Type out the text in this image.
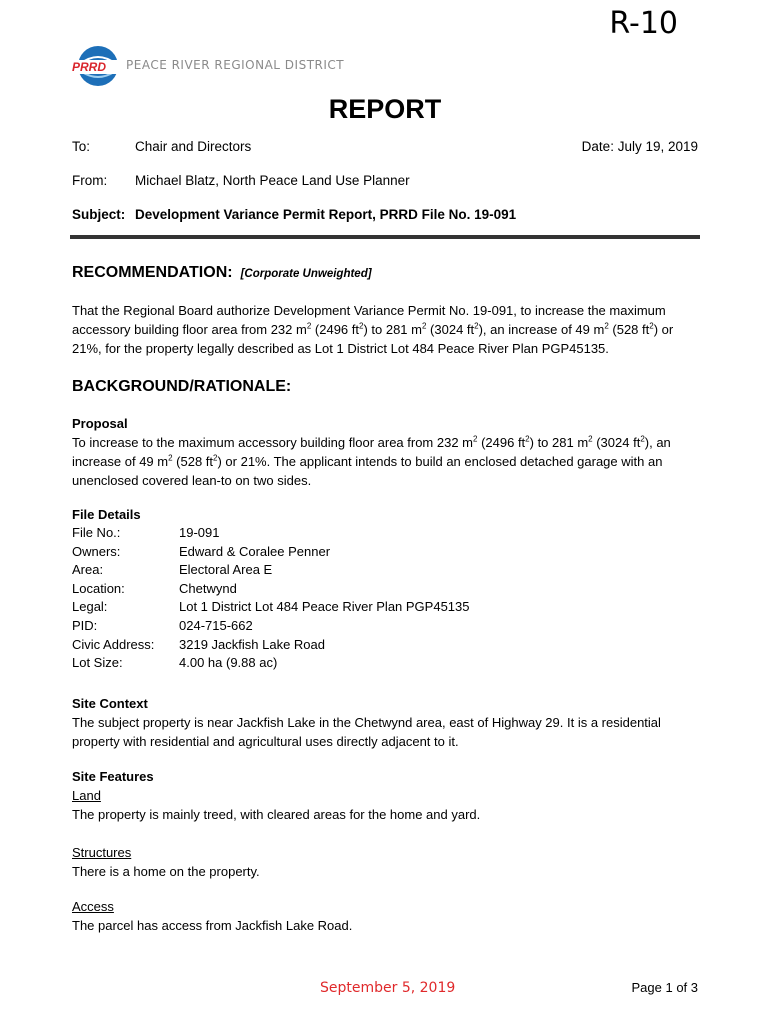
R-10
PRRD PEACE RIVER REGIONAL DISTRICT
REPORT
To:	Chair and Directors	Date: July 19, 2019
From: Michael Blatz, North Peace Land Use Planner
Subject: Development Variance Permit Report, PRRD File No. 19-091
RECOMMENDATION: [Corporate Unweighted]
That the Regional Board authorize Development Variance Permit No. 19-091, to increase the maximum accessory building floor area from 232 $m^2$ (2496 $ft^2$) to 281 $m^2$ (3024 $ft^2$), an increase of 49 $m^2$ (528 $ft^2$) or 21%, for the property legally described as Lot 1 District Lot 484 Peace River Plan PGP45135.
BACKGROUND/RATIONALE:
Proposal
To increase to the maximum accessory building floor area from 232 $m^2$ (2496 $ft^2$) to 281 $m^2$ (3024 $ft^2$), an increase of 49 $m^2$ (528 $ft^2$) or 21%. The applicant intends to build an enclosed detached garage with an unenclosed covered lean-to on two sides.
File Details
File No.:	19-091
Owners:	Edward & Coralee Penner
Area:	Electoral Area E
Location:	Chetwynd
Legal:	Lot 1 District Lot 484 Peace River Plan PGP45135
PID:	024-715-662
Civic Address:	3219 Jackfish Lake Road
Lot Size:	4.00 ha (9.88 ac)
Site Context
The subject property is near Jackfish Lake in the Chetwynd area, east of Highway 29. It is a residential property with residential and agricultural uses directly adjacent to it.
Site Features
Land
The property is mainly treed, with cleared areas for the home and yard.
Structures
There is a home on the property.
Access
The parcel has access from Jackfish Lake Road.
September 5, 2019	Page 1 of 3
